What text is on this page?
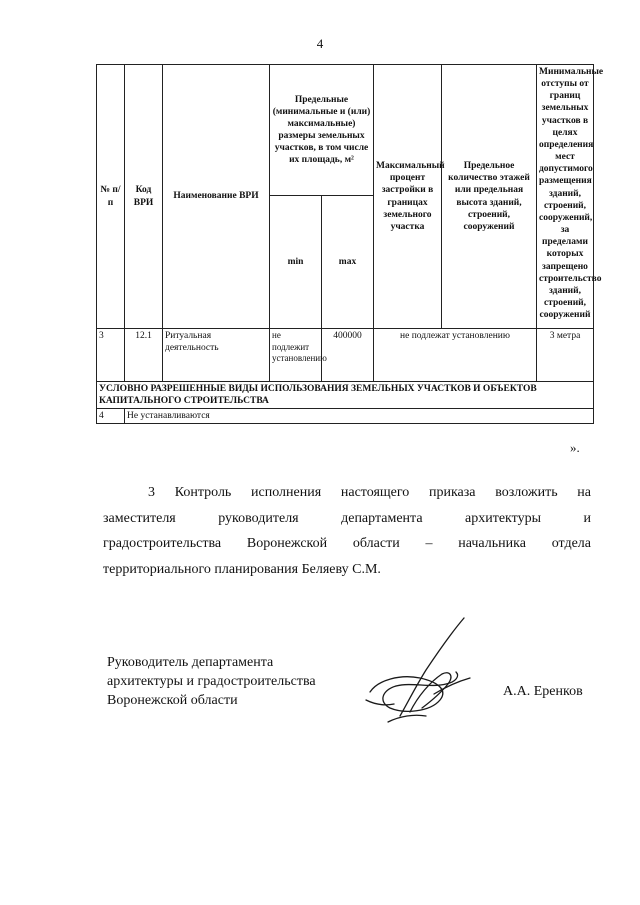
4
№ п/п	Код ВРИ	Наименование ВРИ	Предельные (минимальные и (или) максимальные) размеры земельных участков, в том числе их площадь, м²		Максимальный процент застройки в границах земельного участка	Предельное количество этажей или предельная высота зданий, строений, сооружений	Минимальные отступы от границ земельных участков в целях определения мест допустимого размещения зданий, строений, сооружений, за пределами которых запрещено строительство зданий, строений, сооружений
			min	max			
3	12.1	Ритуальная деятельность	не подлежит установлению	400000	не подлежат установлению		3 метра
УСЛОВНО РАЗРЕШЕННЫЕ ВИДЫ ИСПОЛЬЗОВАНИЯ ЗЕМЕЛЬНЫХ УЧАСТКОВ И ОБЪЕКТОВ КАПИТАЛЬНОГО СТРОИТЕЛЬСТВА							
4	Не устанавливаются						
».
3 Контроль исполнения настоящего приказа возложить на
заместителя руководителя департамента архитектуры и
градостроительства Воронежской области – начальника отдела
территориального планирования Беляеву С.М.
Руководитель департамента
архитектуры и градостроительства
Воронежской области
А.А. Еренков
